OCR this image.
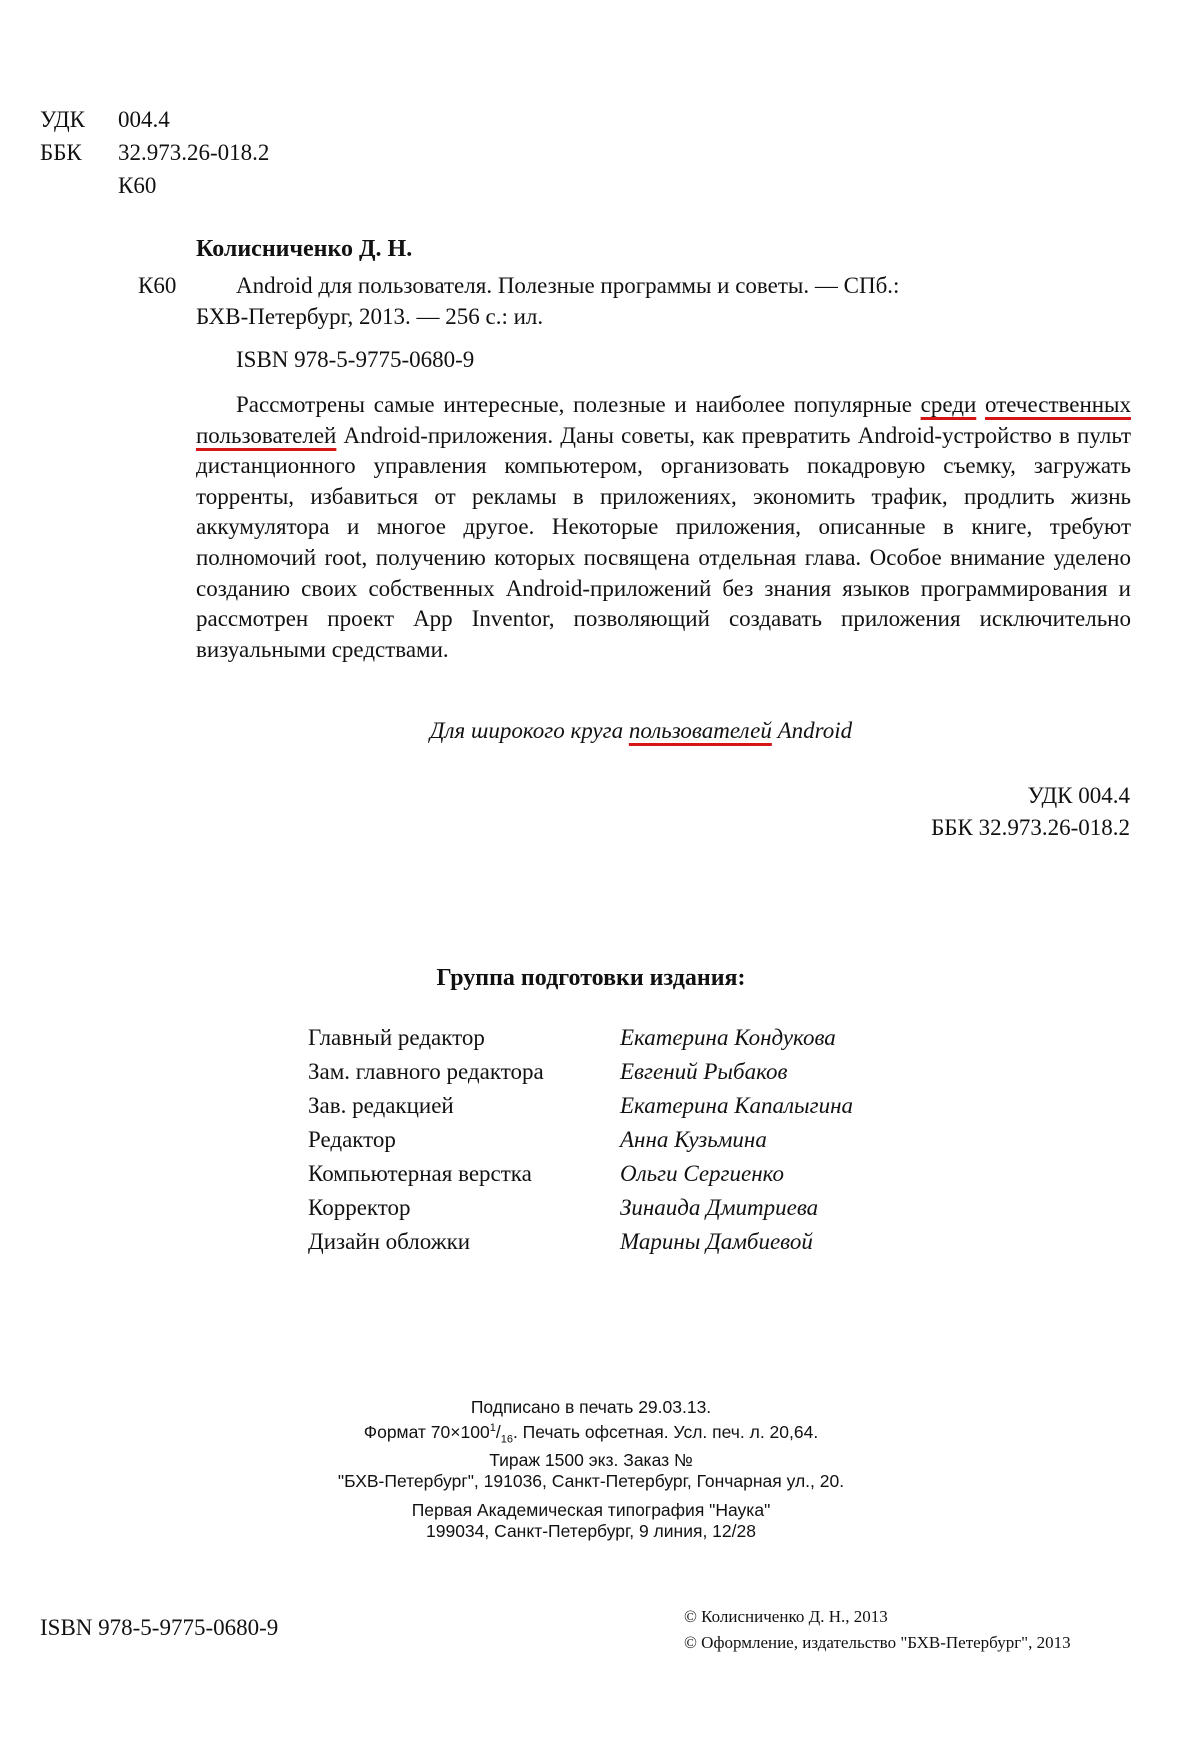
УДК 004.4
ББК 32.973.26-018.2
К60
Колисниченко Д. Н.
К60	Android для пользователя. Полезные программы и советы. — СПб.:
БХВ-Петербург, 2013. — 256 с.: ил.
ISBN 978-5-9775-0680-9
Рассмотрены самые интересные, полезные и наиболее популярные среди отечественных пользователей Android-приложения. Даны советы, как превратить Android-устройство в пульт дистанционного управления компьютером, организовать покадровую съемку, загружать торренты, избавиться от рекламы в приложениях, экономить трафик, продлить жизнь аккумулятора и многое другое. Некоторые приложения, описанные в книге, требуют полномочий root, получению которых посвящена отдельная глава. Особое внимание уделено созданию своих собственных Android-приложений без знания языков программирования и рассмотрен проект App Inventor, позволяющий создавать приложения исключительно визуальными средствами.
Для широкого круга пользователей Android
УДК 004.4
ББК 32.973.26-018.2
Группа подготовки издания:
Главный редактор	Екатерина Кондукова
Зам. главного редактора	Евгений Рыбаков
Зав. редакцией	Екатерина Капалыгина
Редактор	Анна Кузьмина
Компьютерная верстка	Ольги Сергиенко
Корректор	Зинаида Дмитриева
Дизайн обложки	Марины Дамбиевой
Подписано в печать 29.03.13.
Формат $70\times 100^1/_{16}$. Печать офсетная. Усл. печ. л. 20,64.
Тираж 1500 экз. Заказ №
"БХВ-Петербург", 191036, Санкт-Петербург, Гончарная ул., 20.
Первая Академическая типография "Наука"
199034, Санкт-Петербург, 9 линия, 12/28
ISBN 978-5-9775-0680-9	© Колисниченко Д. Н., 2013
© Оформление, издательство "БХВ-Петербург", 2013
